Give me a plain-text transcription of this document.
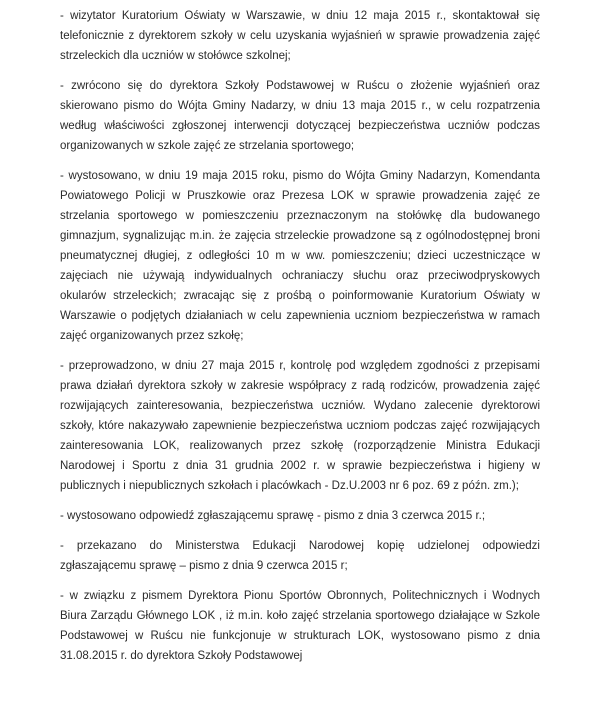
- wizytator Kuratorium Oświaty w Warszawie, w dniu 12 maja 2015 r., skontaktował się telefonicznie z dyrektorem szkoły w celu uzyskania wyjaśnień w sprawie prowadzenia zajęć strzeleckich dla uczniów w stołówce szkolnej;

- zwrócono się do dyrektora Szkoły Podstawowej w Ruścu o złożenie wyjaśnień oraz skierowano pismo do Wójta Gminy Nadarzy, w dniu 13 maja 2015 r., w celu rozpatrzenia według właściwości zgłoszonej interwencji dotyczącej bezpieczeństwa uczniów podczas organizowanych w szkole zajęć ze strzelania sportowego;

- wystosowano, w dniu 19 maja 2015 roku, pismo do Wójta Gminy Nadarzyn, Komendanta Powiatowego Policji w Pruszkowie oraz Prezesa LOK w sprawie prowadzenia zajęć ze strzelania sportowego w pomieszczeniu przeznaczonym na stołówkę dla budowanego gimnazjum, sygnalizując m.in. że zajęcia strzeleckie prowadzone są z ogólnodostępnej broni pneumatycznej długiej, z odległości 10 m w ww. pomieszczeniu; dzieci uczestniczące w zajęciach nie używają indywidualnych ochraniaczy słuchu oraz przeciwodpryskowych okularów strzeleckich; zwracając się z prośbą o poinformowanie Kuratorium Oświaty w Warszawie o podjętych działaniach w celu zapewnienia uczniom bezpieczeństwa w ramach zajęć organizowanych przez szkołę;

- przeprowadzono, w dniu 27 maja 2015 r, kontrolę pod względem zgodności z przepisami prawa działań dyrektora szkoły w zakresie współpracy z radą rodziców, prowadzenia zajęć rozwijających zainteresowania, bezpieczeństwa uczniów. Wydano zalecenie dyrektorowi szkoły, które nakazywało zapewnienie bezpieczeństwa uczniom podczas zajęć rozwijających zainteresowania LOK, realizowanych przez szkołę (rozporządzenie Ministra Edukacji Narodowej i Sportu z dnia 31 grudnia 2002 r. w sprawie bezpieczeństwa i higieny w publicznych i niepublicznych szkołach i placówkach - Dz.U.2003 nr 6 poz. 69 z późn. zm.);

- wystosowano odpowiedź zgłaszającemu sprawę - pismo z dnia 3 czerwca 2015 r.;

- przekazano do Ministerstwa Edukacji Narodowej kopię udzielonej odpowiedzi zgłaszającemu sprawę – pismo z dnia 9 czerwca 2015 r;

- w związku z pismem Dyrektora Pionu Sportów Obronnych, Politechnicznych i Wodnych Biura Zarządu Głównego LOK , iż m.in. koło zajęć strzelania sportowego działające w Szkole Podstawowej w Ruścu nie funkcjonuje w strukturach LOK, wystosowano pismo z dnia 31.08.2015 r. do dyrektora Szkoły Podstawowej
